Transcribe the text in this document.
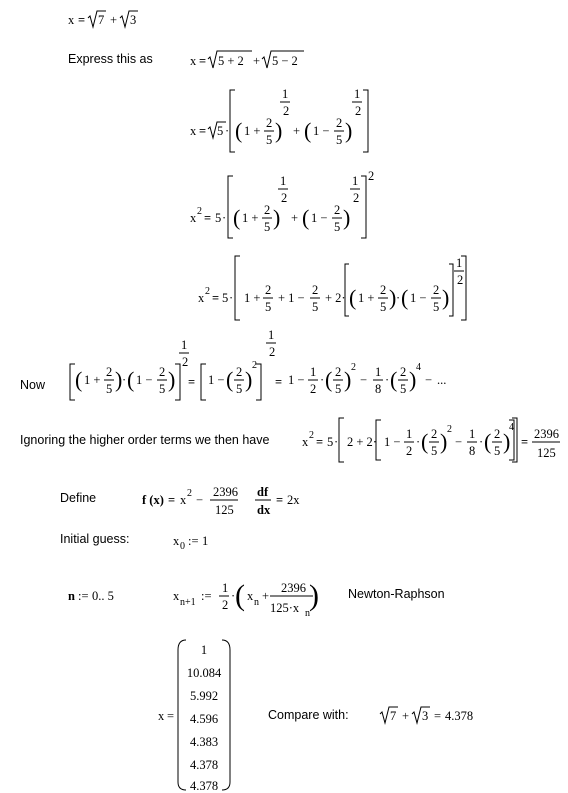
x = 7 + 3
Express this as	x = 5 + 2 + 5 − 2
x = 5 · ( 1 +
2
5 )
1
2
+ ( 1 −
2
5 )
1
2
x 2 = 5 · ( 1 +
2
5 )
1
2
+ ( 1 −
2
5 )
1
2
2
x 2 = 5 · 1 +
2
5
+ 1 −
2
5
+ 2· ( 1 +
2
5 ) · ( 1 −
2
5 )
1
2
Now ( 1 +
2
5 ) · ( 1 −
2
5 )
1
2
= 1 − ( 2
5 )
2
1
2
= 1 −
1
2
· ( 2
5 ) 2
−
1
8
· ( 2
5 ) 4
− ...
Ignoring the higher order terms we then have	x 2 = 5 · 2 + 2· 1 −
1
2
· ( 2
5 ) 2
−
1
8
· ( 2
5 )
4
=
2396
125
Define	f (x) = x 2 −
2396
125
df
dx
= 2x
Initial guess:	x 0 := 1
n := 0.. 5	x n+1 :=
1
2
· ( x n +
2396
125·x n
) Newton-Raphson
x =
1
10.084
5.992
4.596
4.383
4.378
4.378
Compare with:	7 + 3 = 4.378
